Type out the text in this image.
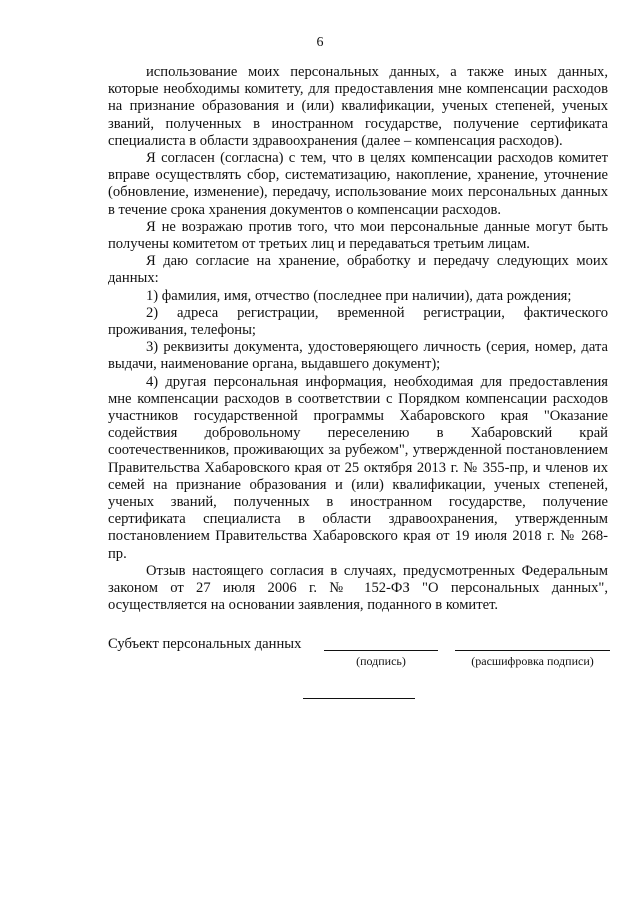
6

использование моих персональных данных, а также иных данных, которые необходимы комитету, для предоставления мне компенсации расходов на признание образования и (или) квалификации, ученых степеней, ученых званий, полученных в иностранном государстве, получение сертификата специалиста в области здравоохранения (далее – компенсация расходов).

Я согласен (согласна) с тем, что в целях компенсации расходов комитет вправе осуществлять сбор, систематизацию, накопление, хранение, уточнение (обновление, изменение), передачу, использование моих персональных данных в течение срока хранения документов о компенсации расходов.

Я не возражаю против того, что мои персональные данные могут быть получены комитетом от третьих лиц и передаваться третьим лицам.

Я даю согласие на хранение, обработку и передачу следующих моих данных:

1) фамилия, имя, отчество (последнее при наличии), дата рождения;

2) адреса регистрации, временной регистрации, фактического проживания, телефоны;

3) реквизиты документа, удостоверяющего личность (серия, номер, дата выдачи, наименование органа, выдавшего документ);

4) другая персональная информация, необходимая для предоставления мне компенсации расходов в соответствии с Порядком компенсации расходов участников государственной программы Хабаровского края "Оказание содействия добровольному переселению в Хабаровский край соотечественников, проживающих за рубежом", утвержденной постановлением Правительства Хабаровского края от 25 октября 2013 г. № 355-пр, и членов их семей на признание образования и (или) квалификации, ученых степеней, ученых званий, полученных в иностранном государстве, получение сертификата специалиста в области здравоохранения, утвержденным постановлением Правительства Хабаровского края от 19 июля 2018 г. № 268-пр.

Отзыв настоящего согласия в случаях, предусмотренных Федеральным законом от 27 июля 2006 г. № 152-ФЗ "О персональных данных", осуществляется на основании заявления, поданного в комитет.

Субъект персональных данных
(подпись)	(расшифровка подписи)
